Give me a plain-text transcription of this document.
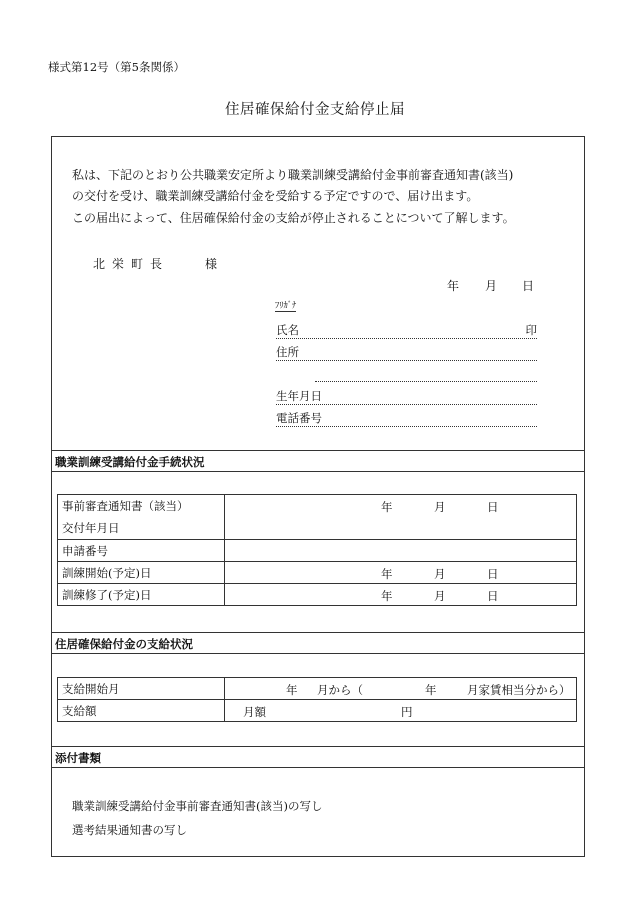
様式第12号（第5条関係）
住居確保給付金支給停止届
私は、下記のとおり公共職業安定所より職業訓練受講給付金事前審査通知書(該当)
の交付を受け、職業訓練受講給付金を受給する予定ですので、届け出ます。
この届出によって、住居確保給付金の支給が停止されることについて了解します。
北栄町長	様
年 月 日
ﾌﾘｶﾞﾅ
氏名	印
住所
生年月日
電話番号
職業訓練受講給付金手続状況
事前審査通知書（該当）
交付年月日	年 月 日

申請番号	
訓練開始(予定)日	年 月 日

訓練修了(予定)日	年 月 日
住居確保給付金の支給状況
支給開始月	年 月から（ 年 月家賃相当分から）

支給額	月額 円
添付書類
職業訓練受講給付金事前審査通知書(該当)の写し
選考結果通知書の写し
